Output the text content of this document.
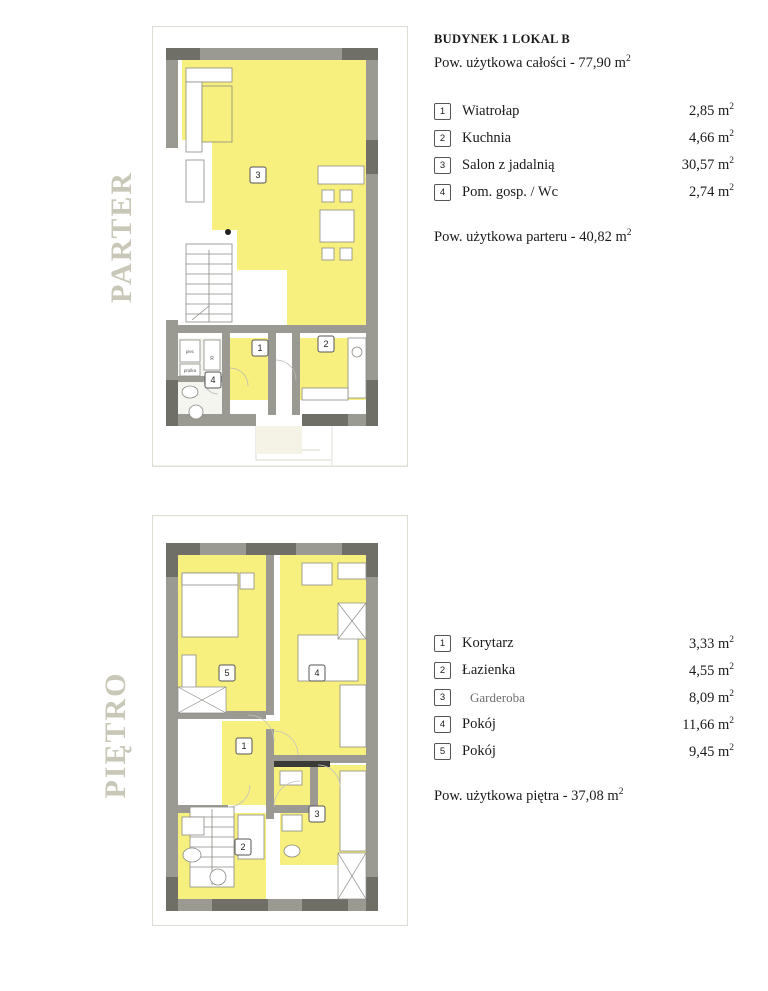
PARTER
PIĘTRO
3
1	2
4
piec
pralka
R
5	4
1
3
2
BUDYNEK 1 LOKAL B
Pow. użytkowa całości - 77,90 $m^2$
1	Wiatrołap	2,85 $m^2$
2	Kuchnia	4,66 $m^2$
3	Salon z jadalnią	30,57 $m^2$
4	Pom. gosp. / Wc	2,74 $m^2$
Pow. użytkowa parteru - 40,82 $m^2$
1	Korytarz	3,33 $m^2$
2	Łazienka	4,55 $m^2$
3	Garderoba	8,09 $m^2$
4	Pokój	11,66 $m^2$
5	Pokój	9,45 $m^2$
Pow. użytkowa piętra - 37,08 $m^2$
